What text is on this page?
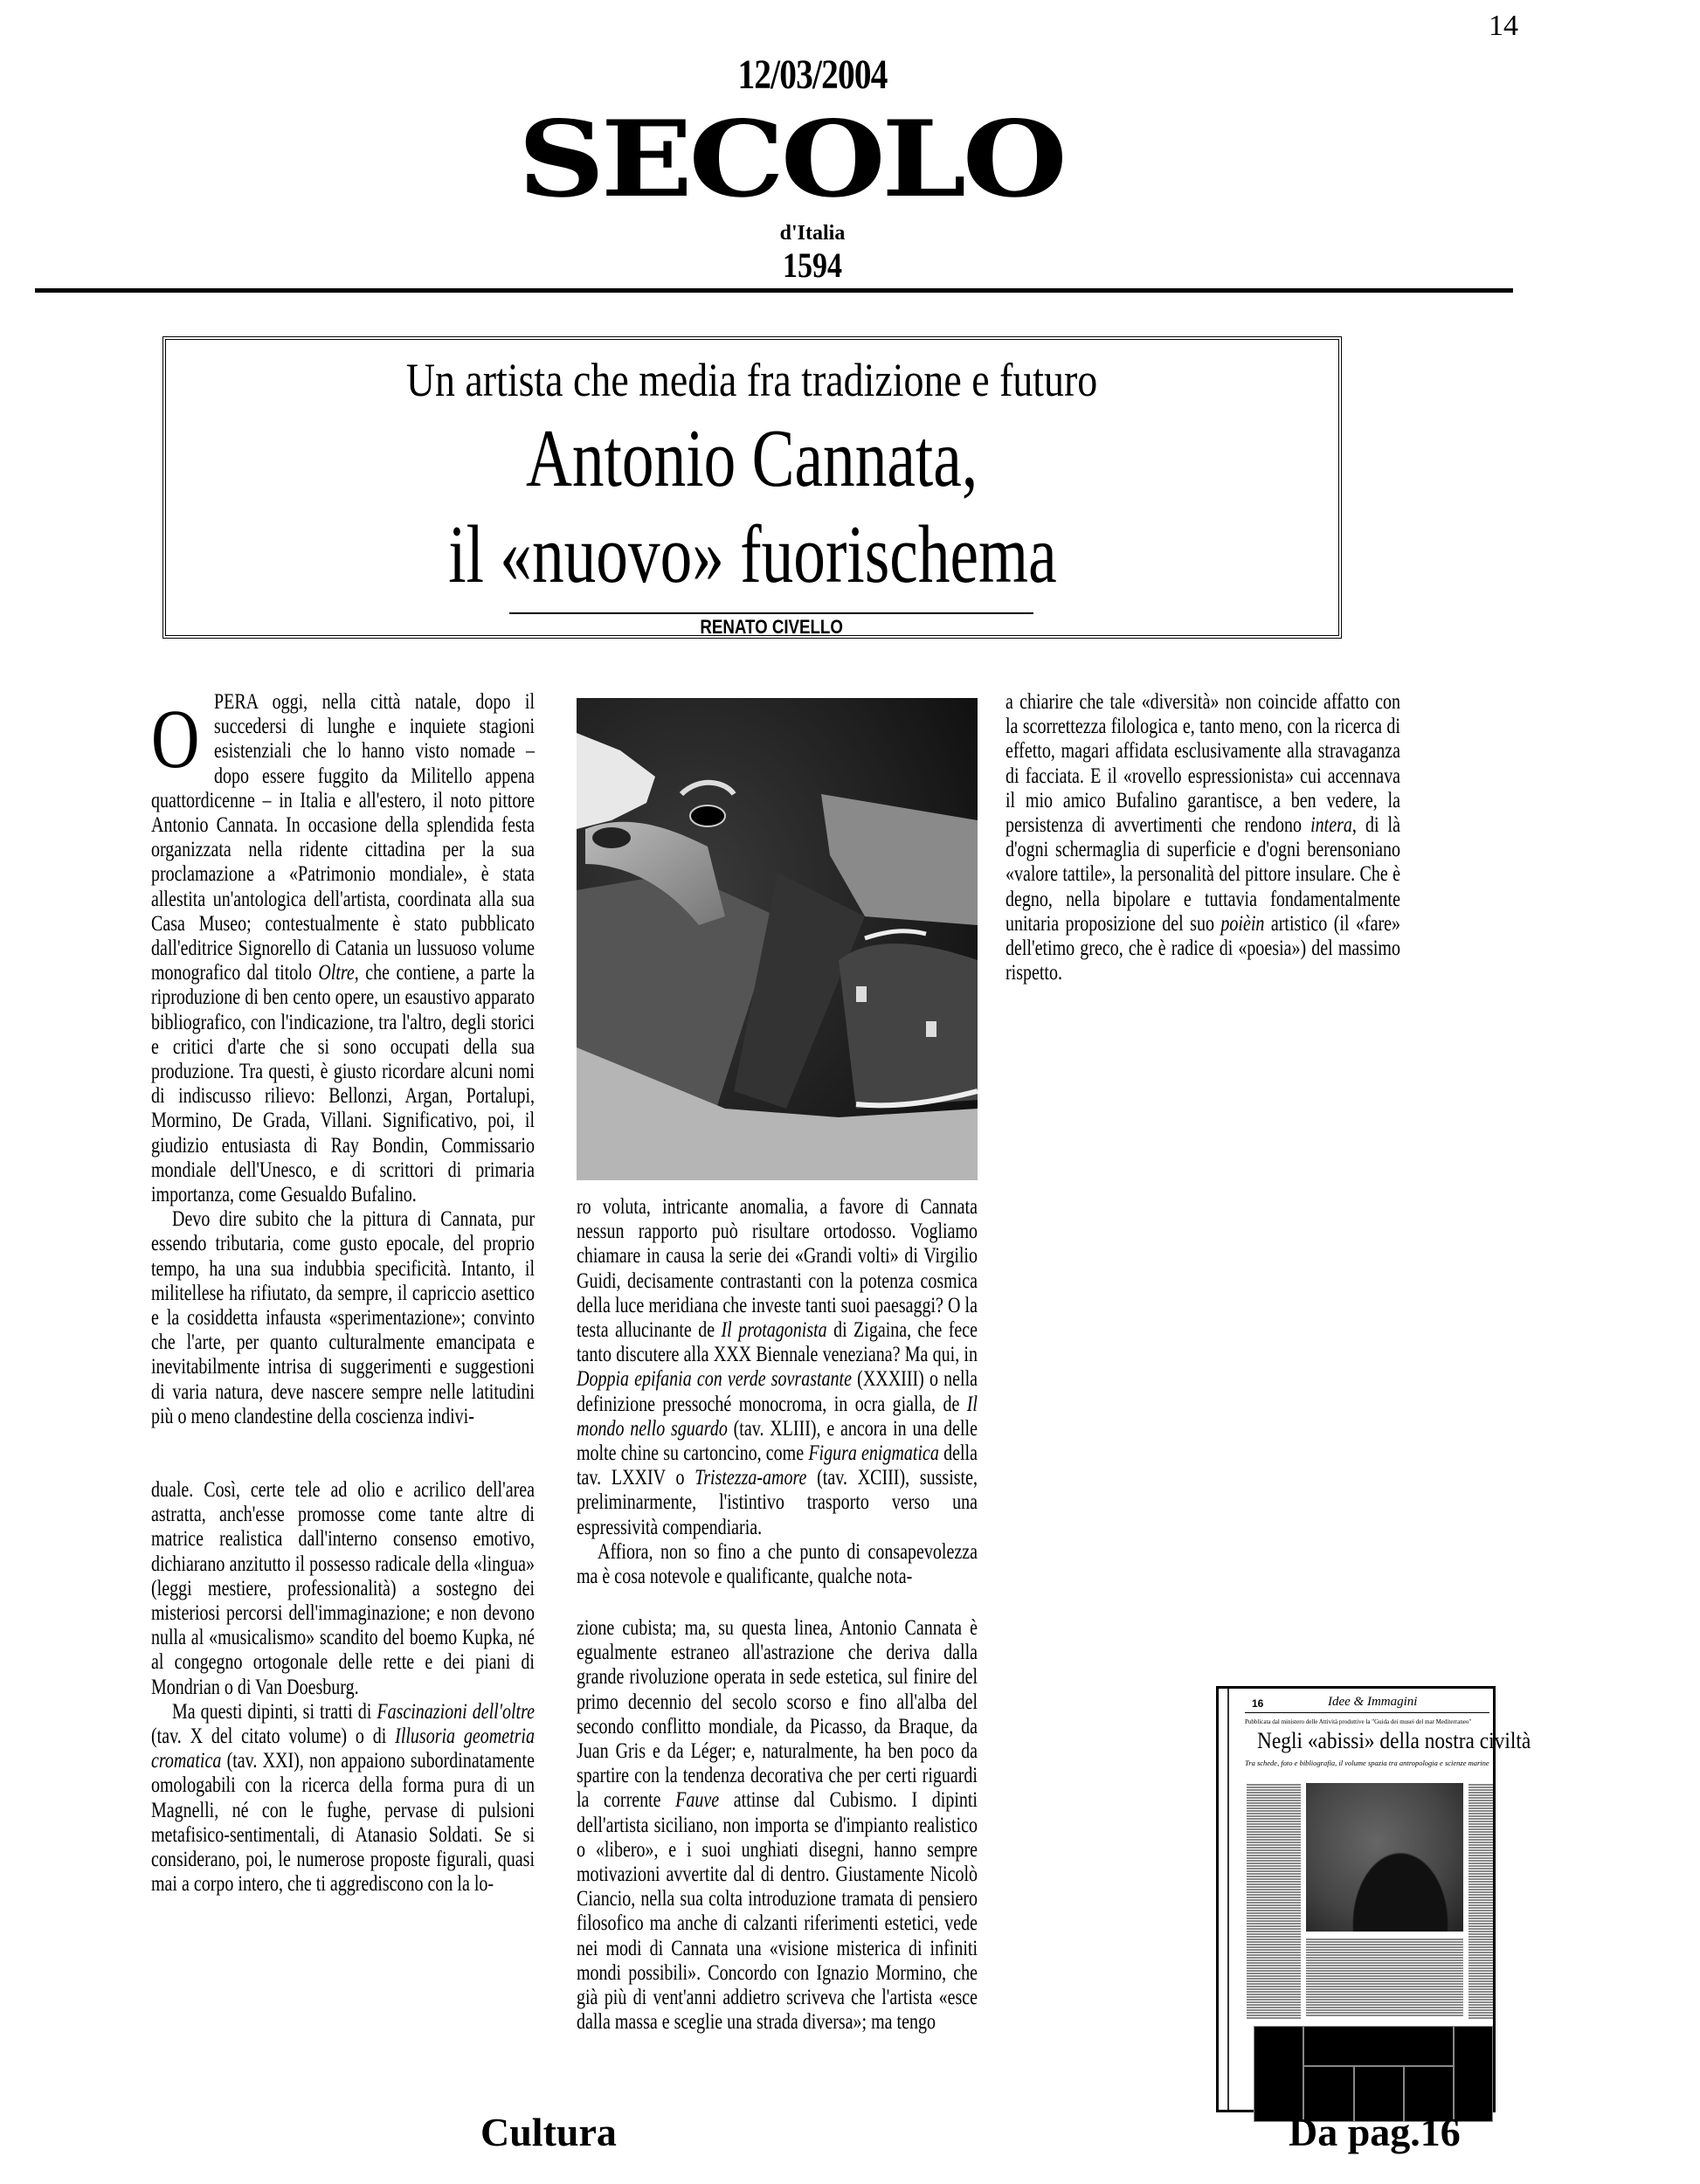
14
12/03/2004
SECOLO
d'Italia
1594
Un artista che media fra tradizione e futuro
Antonio Cannata,
il «nuovo» fuorischema
RENATO CIVELLO
O PERA oggi, nella città natale, dopo il succedersi di lunghe e inquiete stagioni esistenziali che lo hanno visto nomade – dopo essere fuggito da Militello appena quattordicenne – in Italia e all'estero, il noto pittore Antonio Cannata. In occasione della splendida festa organizzata nella ridente cittadina per la sua proclamazione a «Patrimonio mondiale», è stata allestita un'antologica dell'artista, coordinata alla sua Casa Museo; contestualmente è stato pubblicato dall'editrice Signorello di Catania un lussuoso volume monografico dal titolo Oltre, che contiene, a parte la riproduzione di ben cento opere, un esaustivo apparato bibliografico, con l'indicazione, tra l'altro, degli storici e critici d'arte che si sono occupati della sua produzione. Tra questi, è giusto ricordare alcuni nomi di indiscusso rilievo: Bellonzi, Argan, Portalupi, Mormino, De Grada, Villani. Significativo, poi, il giudizio entusiasta di Ray Bondin, Commissario mondiale dell'Unesco, e di scrittori di primaria importanza, come Gesualdo Bufalino.

Devo dire subito che la pittura di Cannata, pur essendo tributaria, come gusto epocale, del proprio tempo, ha una sua indubbia specificità. Intanto, il militellese ha rifiutato, da sempre, il capriccio asettico e la cosiddetta infausta «sperimentazione»; convinto che l'arte, per quanto culturalmente emancipata e inevitabilmente intrisa di suggerimenti e suggestioni di varia natura, deve nascere sempre nelle latitudini più o meno clandestine della coscienza indivi-

duale. Così, certe tele ad olio e acrilico dell'area astratta, anch'esse promosse come tante altre di matrice realistica dall'interno consenso emotivo, dichiarano anzitutto il possesso radicale della «lingua» (leggi mestiere, professionalità) a sostegno dei misteriosi percorsi dell'immaginazione; e non devono nulla al «musicalismo» scandito del boemo Kupka, né al congegno ortogonale delle rette e dei piani di Mondrian o di Van Doesburg.

Ma questi dipinti, si tratti di Fascinazioni dell'oltre (tav. X del citato volume) o di Illusoria geometria cromatica (tav. XXI), non appaiono subordinatamente omologabili con la ricerca della forma pura di un Magnelli, né con le fughe, pervase di pulsioni metafisico-sentimentali, di Atanasio Soldati. Se si considerano, poi, le numerose proposte figurali, quasi mai a corpo intero, che ti aggrediscono con la lo-

ro voluta, intricante anomalia, a favore di Cannata nessun rapporto può risultare ortodosso. Vogliamo chiamare in causa la serie dei «Grandi volti» di Virgilio Guidi, decisamente contrastanti con la potenza cosmica della luce meridiana che investe tanti suoi paesaggi? O la testa allucinante de Il protagonista di Zigaina, che fece tanto discutere alla XXX Biennale veneziana? Ma qui, in Doppia epifania con verde sovrastante (XXXIII) o nella definizione pressoché monocroma, in ocra gialla, de Il mondo nello sguardo (tav. XLIII), e ancora in una delle molte chine su cartoncino, come Figura enigmatica della tav. LXXIV o Tristezza-amore (tav. XCIII), sussiste, preliminarmente, l'istintivo trasporto verso una espressività compendiaria.

Affiora, non so fino a che punto di consapevolezza ma è cosa notevole e qualificante, qualche nota-

zione cubista; ma, su questa linea, Antonio Cannata è egualmente estraneo all'astrazione che deriva dalla grande rivoluzione operata in sede estetica, sul finire del primo decennio del secolo scorso e fino all'alba del secondo conflitto mondiale, da Picasso, da Braque, da Juan Gris e da Léger; e, naturalmente, ha ben poco da spartire con la tendenza decorativa che per certi riguardi la corrente Fauve attinse dal Cubismo. I dipinti dell'artista siciliano, non importa se d'impianto realistico o «libero», e i suoi unghiati disegni, hanno sempre motivazioni avvertite dal di dentro. Giustamente Nicolò Ciancio, nella sua colta introduzione tramata di pensiero filosofico ma anche di calzanti riferimenti estetici, vede nei modi di Cannata una «visione misterica di infiniti mondi possibili». Concordo con Ignazio Mormino, che già più di vent'anni addietro scriveva che l'artista «esce dalla massa e sceglie una strada diversa»; ma tengo

a chiarire che tale «diversità» non coincide affatto con la scorrettezza filologica e, tanto meno, con la ricerca di effetto, magari affidata esclusivamente alla stravaganza di facciata. E il «rovello espressionista» cui accennava il mio amico Bufalino garantisce, a ben vedere, la persistenza di avvertimenti che rendono intera, di là d'ogni schermaglia di superficie e d'ogni berensoniano «valore tattile», la personalità del pittore insulare. Che è degno, nella bipolare e tuttavia fondamentalmente unitaria proposizione del suo poièin artistico (il «fare» dell'etimo greco, che è radice di «poesia») del massimo rispetto.

16	Idee & Immagini
Pubblicata dal ministero delle Attività produttive la "Guida dei musei del mar Mediterraneo"
Negli «abissi» della nostra civiltà
Tra schede, foto e bibliografia, il volume spazia tra antropologia e scienze marine
Cultura	Da pag.16
